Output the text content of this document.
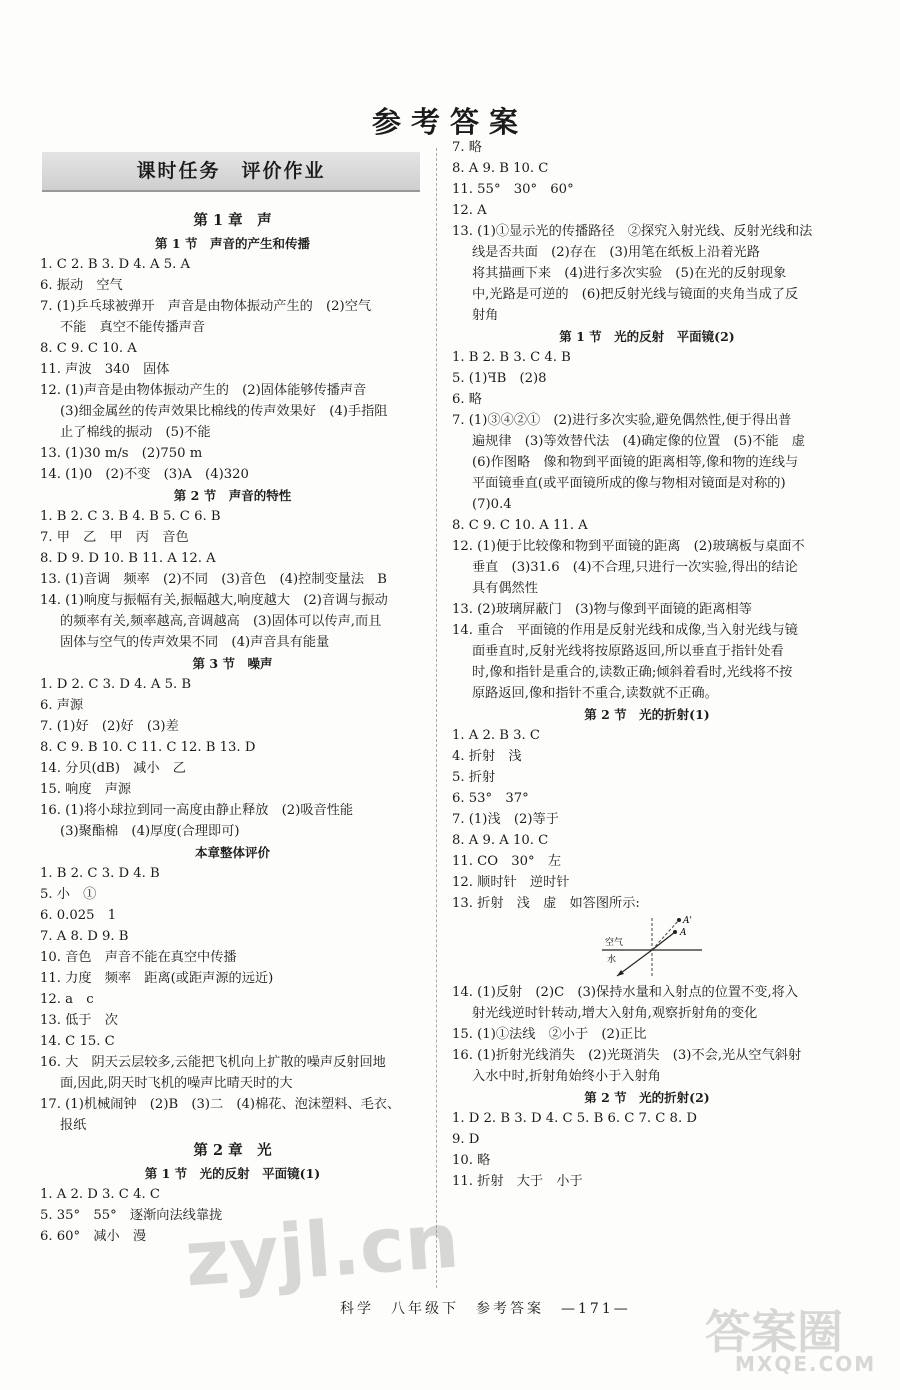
参考答案
课时任务　评价作业
第 1 章　声
第 1 节　声音的产生和传播
1. C 2. B 3. D 4. A 5. A
6. 振动　空气
7. (1)乒乓球被弹开　声音是由物体振动产生的　(2)空气
不能　真空不能传播声音
8. C 9. C 10. A
11. 声波　340　固体
12. (1)声音是由物体振动产生的　(2)固体能够传播声音
(3)细金属丝的传声效果比棉线的传声效果好　(4)手指阻
止了棉线的振动　(5)不能
13. (1)30 m/s　(2)750 m
14. (1)0　(2)不变　(3)A　(4)320
第 2 节　声音的特性
1. B 2. C 3. B 4. B 5. C 6. B
7. 甲　乙　甲　丙　音色
8. D 9. D 10. B 11. A 12. A
13. (1)音调　频率　(2)不同　(3)音色　(4)控制变量法　B
14. (1)响度与振幅有关,振幅越大,响度越大　(2)音调与振动
的频率有关,频率越高,音调越高　(3)固体可以传声,而且
固体与空气的传声效果不同　(4)声音具有能量
第 3 节　噪声
1. D 2. C 3. D 4. A 5. B
6. 声源
7. (1)好　(2)好　(3)差
8. C 9. B 10. C 11. C 12. B 13. D
14. 分贝(dB)　减小　乙
15. 响度　声源
16. (1)将小球拉到同一高度由静止释放　(2)吸音性能
(3)聚酯棉　(4)厚度(合理即可)
本章整体评价
1. B 2. C 3. D 4. B
5. 小　①
6. 0.025　1
7. A 8. D 9. B
10. 音色　声音不能在真空中传播
11. 力度　频率　距离(或距声源的远近)
12. a　c
13. 低于　次
14. C 15. C
16. 大　阴天云层较多,云能把飞机向上扩散的噪声反射回地
面,因此,阴天时飞机的噪声比晴天时的大
17. (1)机械闹钟　(2)B　(3)二　(4)棉花、泡沫塑料、毛衣、
报纸
第 2 章　光
第 1 节　光的反射　平面镜(1)
1. A 2. D 3. C 4. C
5. 35°　55°　逐渐向法线靠拢
6. 60°　减小　漫
7. 略
8. A 9. B 10. C
11. 55°　30°　60°
12. A
13. (1)①显示光的传播路径　②探究入射光线、反射光线和法
线是否共面　(2)存在　(3)用笔在纸板上沿着光路
将其描画下来　(4)进行多次实验　(5)在光的反射现象
中,光路是可逆的　(6)把反射光线与镜面的夹角当成了反
射角
第 1 节　光的反射　平面镜(2)
1. B 2. B 3. C 4. B
5. (1)ꟻB　(2)8
6. 略
7. (1)③④②①　(2)进行多次实验,避免偶然性,便于得出普
遍规律　(3)等效替代法　(4)确定像的位置　(5)不能　虚
(6)作图略　像和物到平面镜的距离相等,像和物的连线与
平面镜垂直(或平面镜所成的像与物相对镜面是对称的)
(7)0.4
8. C 9. C 10. A 11. A
12. (1)便于比较像和物到平面镜的距离　(2)玻璃板与桌面不
垂直　(3)31.6　(4)不合理,只进行一次实验,得出的结论
具有偶然性
13. (2)玻璃屏蔽门　(3)物与像到平面镜的距离相等
14. 重合　平面镜的作用是反射光线和成像,当入射光线与镜
面垂直时,反射光线将按原路返回,所以垂直于指针处看
时,像和指针是重合的,读数正确;倾斜着看时,光线将不按
原路返回,像和指针不重合,读数就不正确。
第 2 节　光的折射(1)
1. A 2. B 3. C
4. 折射　浅
5. 折射
6. 53°　37°
7. (1)浅　(2)等于
8. A 9. A 10. C
11. CO　30°　左
12. 顺时针　逆时针
13. 折射　浅　虚　如答图所示:
空气
水
A
A'
14. (1)反射　(2)C　(3)保持水量和入射点的位置不变,将入
射光线逆时针转动,增大入射角,观察折射角的变化
15. (1)①法线　②小于　(2)正比
16. (1)折射光线消失　(2)光斑消失　(3)不会,光从空气斜射
入水中时,折射角始终小于入射角
第 2 节　光的折射(2)
1. D 2. B 3. D 4. C 5. B 6. C 7. C 8. D
9. D
10. 略
11. 折射　大于　小于
科学　八年级下　参考答案　—171—
zyjl.cn
答案圈
MXQE.COM
